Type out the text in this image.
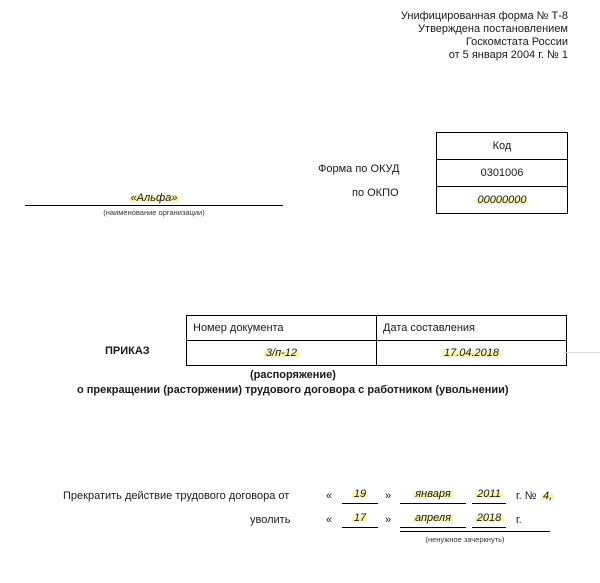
Унифицированная форма № Т-8
Утверждена постановлением
Госкомстата России
от 5 января 2004 г. № 1
Код
0301006
00000000
Форма по ОКУД
по ОКПО
$_{«Альфа»}$
(наименование организации)
ПРИКАЗ
Номер документа	Дата составления
3/п-12	17.04.2018
(распоряжение)
о прекращении (расторжении) трудового договора с работником (увольнении)
Прекратить действие трудового договора от	«	19	»	января	2011	г. № 4,
уволить	«	17	»	апреля	2018	г.
(ненужное зачеркнуть)
